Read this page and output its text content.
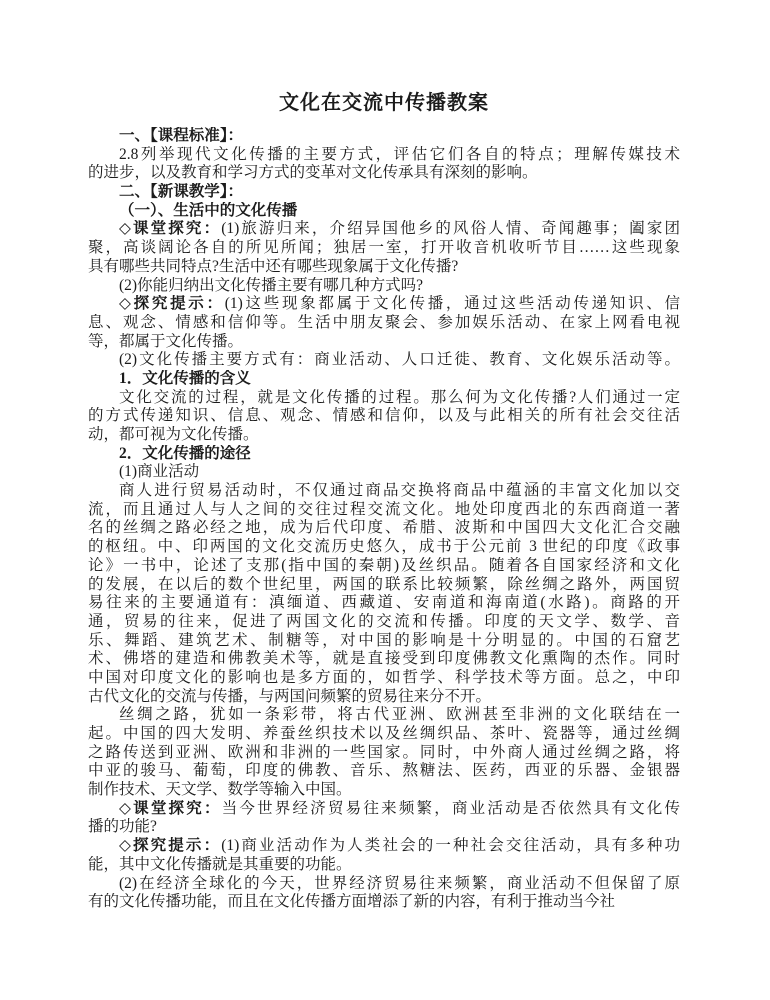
文化在交流中传播教案
一、【课程标准】：
2.8列举现代文化传播的主要方式，评估它们各自的特点；理解传媒技术
的进步，以及教育和学习方式的变革对文化传承具有深刻的影响。
二、【新课教学】：
（一）、生活中的文化传播
◇课堂探究：(1)旅游归来，介绍异国他乡的风俗人情、奇闻趣事；阖家团
聚，高谈阔论各自的所见所闻；独居一室，打开收音机收听节目……这些现象
具有哪些共同特点?生活中还有哪些现象属于文化传播?
(2)你能归纳出文化传播主要有哪几种方式吗?
◇探究提示：(1)这些现象都属于文化传播，通过这些活动传递知识、信
息、观念、情感和信仰等。生活中朋友聚会、参加娱乐活动、在家上网看电视
等，都属于文化传播。
(2)文化传播主要方式有：商业活动、人口迁徙、教育、文化娱乐活动等。
1．文化传播的含义
文化交流的过程，就是文化传播的过程。那么何为文化传播?人们通过一定
的方式传递知识、信息、观念、情感和信仰，以及与此相关的所有社会交往活
动，都可视为文化传播。
2．文化传播的途径
(1)商业活动
商人进行贸易活动时，不仅通过商品交换将商品中蕴涵的丰富文化加以交
流，而且通过人与人之间的交往过程交流文化。地处印度西北的东西商道一著
名的丝绸之路必经之地，成为后代印度、希腊、波斯和中国四大文化汇合交融
的枢纽。中、印两国的文化交流历史悠久，成书于公元前 3 世纪的印度《政事
论》一书中，论述了支那(指中国的秦朝)及丝织品。随着各自国家经济和文化
的发展，在以后的数个世纪里，两国的联系比较频繁，除丝绸之路外，两国贸
易往来的主要通道有：滇缅道、西藏道、安南道和海南道(水路)。商路的开
通，贸易的往来，促进了两国文化的交流和传播。印度的天文学、数学、音
乐、舞蹈、建筑艺术、制糖等，对中国的影响是十分明显的。中国的石窟艺
术、佛塔的建造和佛教美术等，就是直接受到印度佛教文化熏陶的杰作。同时
中国对印度文化的影响也是多方面的，如哲学、科学技术等方面。总之，中印
古代文化的交流与传播，与两国问频繁的贸易往来分不开。
丝绸之路，犹如一条彩带，将古代亚洲、欧洲甚至非洲的文化联结在一
起。中国的四大发明、养蚕丝织技术以及丝绸织品、茶叶、瓷器等，通过丝绸
之路传送到亚洲、欧洲和非洲的一些国家。同时，中外商人通过丝绸之路，将
中亚的骏马、葡萄，印度的佛教、音乐、熬糖法、医药，西亚的乐器、金银器
制作技术、天文学、数学等输入中国。
◇课堂探究：当今世界经济贸易往来频繁，商业活动是否依然具有文化传
播的功能?
◇探究提示：(1)商业活动作为人类社会的一种社会交往活动，具有多种功
能，其中文化传播就是其重要的功能。
(2)在经济全球化的今天，世界经济贸易往来频繁，商业活动不但保留了原
有的文化传播功能，而且在文化传播方面增添了新的内容，有利于推动当今社
